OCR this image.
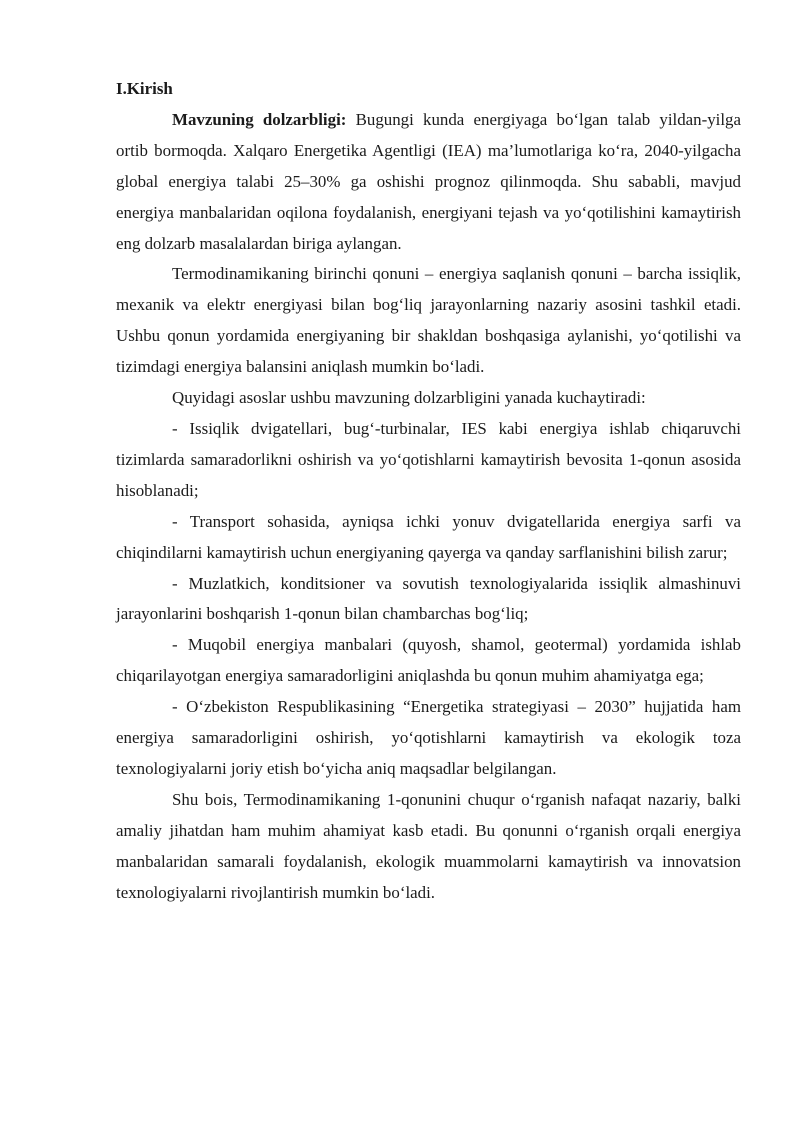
I.Kirish

Mavzuning dolzarbligi: Bugungi kunda energiyaga bo‘lgan talab yildan-yilga ortib bormoqda. Xalqaro Energetika Agentligi (IEA) ma’lumotlariga ko‘ra, 2040-yilgacha global energiya talabi 25–30% ga oshishi prognoz qilinmoqda. Shu sababli, mavjud energiya manbalaridan oqilona foydalanish, energiyani tejash va yo‘qotilishini kamaytirish eng dolzarb masalalardan biriga aylangan.

Termodinamikaning birinchi qonuni – energiya saqlanish qonuni – barcha issiqlik, mexanik va elektr energiyasi bilan bog‘liq jarayonlarning nazariy asosini tashkil etadi. Ushbu qonun yordamida energiyaning bir shakldan boshqasiga aylanishi, yo‘qotilishi va tizimdagi energiya balansini aniqlash mumkin bo‘ladi.

Quyidagi asoslar ushbu mavzuning dolzarbligini yanada kuchaytiradi:

- Issiqlik dvigatellari, bug‘-turbinalar, IES kabi energiya ishlab chiqaruvchi tizimlarda samaradorlikni oshirish va yo‘qotishlarni kamaytirish bevosita 1-qonun asosida hisoblanadi;

- Transport sohasida, ayniqsa ichki yonuv dvigatellarida energiya sarfi va chiqindilarni kamaytirish uchun energiyaning qayerga va qanday sarflanishini bilish zarur;

- Muzlatkich, konditsioner va sovutish texnologiyalarida issiqlik almashinuvi jarayonlarini boshqarish 1-qonun bilan chambarchas bog‘liq;

- Muqobil energiya manbalari (quyosh, shamol, geotermal) yordamida ishlab chiqarilayotgan energiya samaradorligini aniqlashda bu qonun muhim ahamiyatga ega;

- O‘zbekiston Respublikasining “Energetika strategiyasi – 2030” hujjatida ham energiya samaradorligini oshirish, yo‘qotishlarni kamaytirish va ekologik toza texnologiyalarni joriy etish bo‘yicha aniq maqsadlar belgilangan.

Shu bois, Termodinamikaning 1-qonunini chuqur o‘rganish nafaqat nazariy, balki amaliy jihatdan ham muhim ahamiyat kasb etadi. Bu qonunni o‘rganish orqali energiya manbalaridan samarali foydalanish, ekologik muammolarni kamaytirish va innovatsion texnologiyalarni rivojlantirish mumkin bo‘ladi.
